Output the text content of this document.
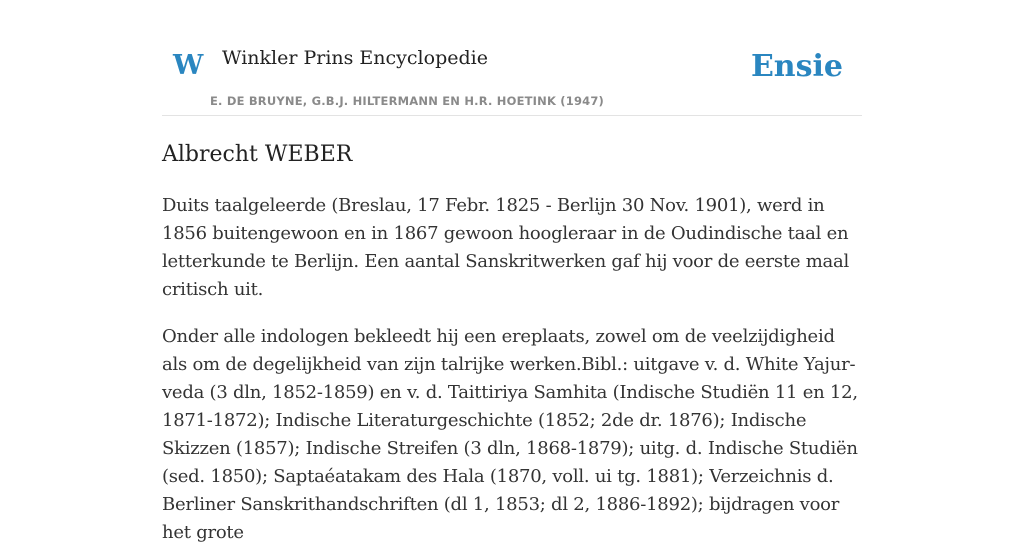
W Winkler Prins Encyclopedie
E. DE BRUYNE, G.B.J. HILTERMANN EN H.R. HOETINK (1947)
Ensie
Albrecht WEBER

Duits taalgeleerde (Breslau, 17 Febr. 1825 - Berlijn 30 Nov. 1901), werd in 1856 buitengewoon en in 1867 gewoon hoogleraar in de Oudindische taal en letterkunde te Berlijn. Een aantal Sanskritwerken gaf hij voor de eerste maal critisch uit.

Onder alle indologen bekleedt hij een ereplaats, zowel om de veelzijdigheid als om de degelijkheid van zijn talrijke werken.Bibl.: uitgave v. d. White Yajur-veda (3 dln, 1852-1859) en v. d. Taittiriya Samhita (Indische Studiën 11 en 12, 1871-1872); Indische Literaturgeschichte (1852; 2de dr. 1876); Indische Skizzen (1857); Indische Streifen (3 dln, 1868-1879); uitg. d. Indische Studiën (sed. 1850); Saptaéatakam des Hala (1870, voll. ui tg. 1881); Verzeichnis d. Berliner Sanskrithandschriften (dl 1, 1853; dl 2, 1886-1892); bijdragen voor het grote
